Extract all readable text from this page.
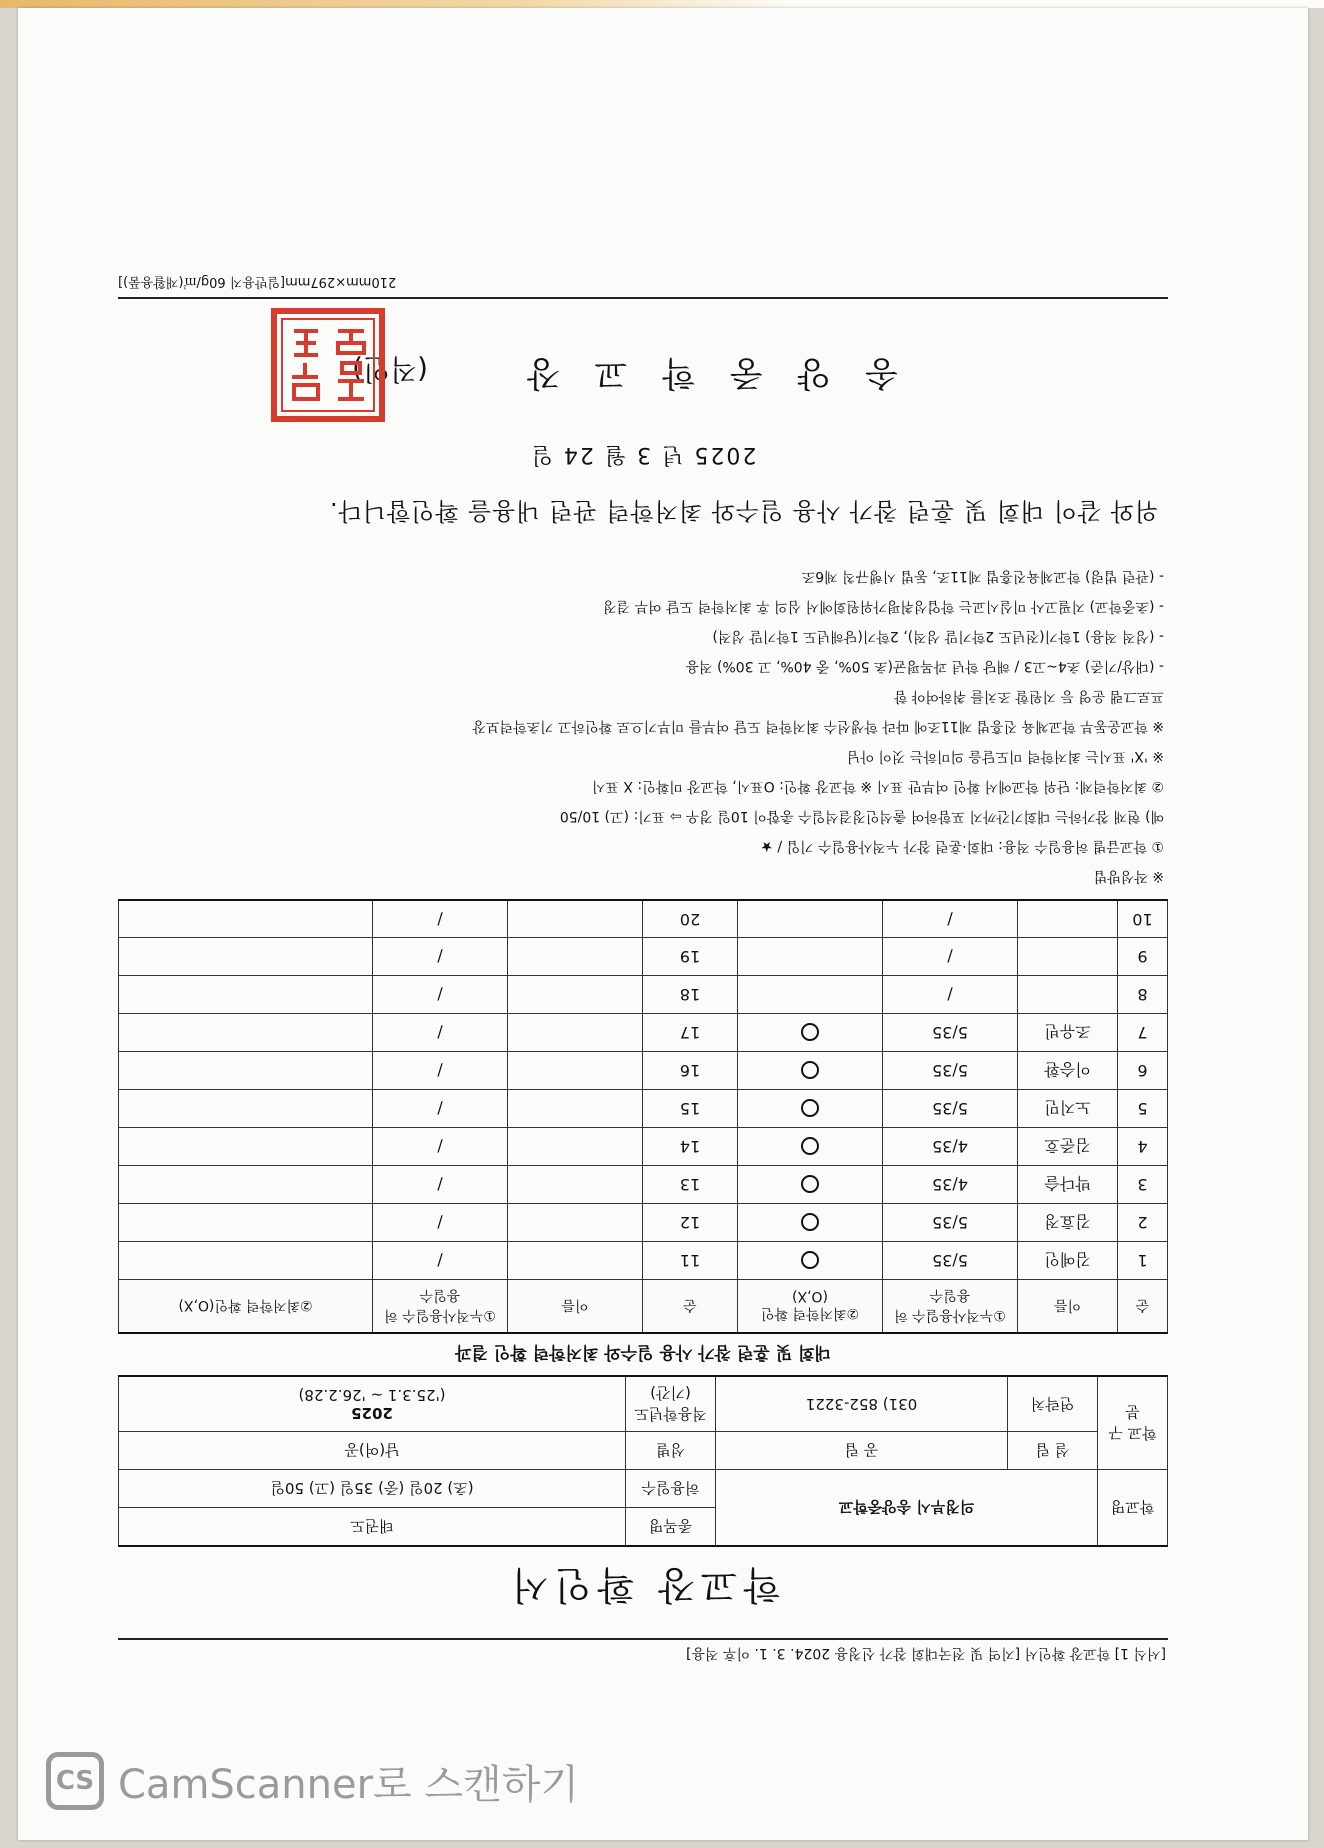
[서식 1] 학교장 확인서 [지역 및 전국대회 참가 신청용 2024. 3. 1. 이후 적용]
학교장 확인서
학교명	의정부시 송양중학교		종목명	태권도
			허용일수	(초) 20일 (중) 35일 (고) 50일
학교 구분	설 립	공 립	성별	남(여)공
	연락처	031) 852-3221	적용학년도 (기간)	2025
('25.3.1 ~ '26.2.28)
대회 및 훈련 참가 사용 일수와 최저학력 확인 결과
순	이름	①누적사용일수 허용일수	②최저학력 확인(O,X)	순	이름	①누적사용일수 허용일수	②최저학력 확인(O,X)
1	김예인	5/35		11		/	
2	김효정	5/35		12		/	
3	박다슬	4/35		13		/	
4	김준호	4/35		14		/	
5	노지민	5/35		15		/	
6	이승환	5/35		16		/	
7	조유빈	5/35		17		/	
8		/		18		/	
9		/		19		/	
10		/		20		/	
※ 작성방법
① 학교급별 허용일수 적용: 대회·훈련 참가 누적사용일수 기입 / ★
예) 현재 참가하는 대회기간까지 포함하여 출석인정결석일수 총합이 10일 경우 ⇨ 표기: (고) 10/50
② 최저학력제: 단위 학교에서 확인 여부만 표시 ※ 학교장 확인: O표시, 학교장 미확인: X 표시
※ 'X' 표시는 최저학력 미도달을 의미하는 것이 아님
※ 학교운동부 학교체육 진흥법 제11조에 따라 학생선수 최저학력 도달 여부를 미부기으로 확인하고 기초학력보장
프로그램 운영 등 지원할 조치를 취하여야 함
- (대상/기준) 초4~고3 / 해당 학년 과목평균(초 50%, 중 40%, 고 30%) 적용
- (성적 적용) 1학기(전년도 2학기말 성적), 2학기(당해년도 1학기말 성적)
- (초중학교) 지필고사 미실시교는 학업성취평가위원회에서 심의 후 최저학력 도달 여부 결정
- (관련 법령) 학교체육진흥법 제11조, 동법 시행규칙 제6조
위와 같이 대회 및 훈련 참가 사용 일수와 최저학력 관련 내용을 확인합니다.
2025 년 3 월 24 일
송 양 중 학 교 장
(직인)
210mm×297mm[일반용지 60g/㎡(재활용품)]
CS CamScanner로 스캔하기
